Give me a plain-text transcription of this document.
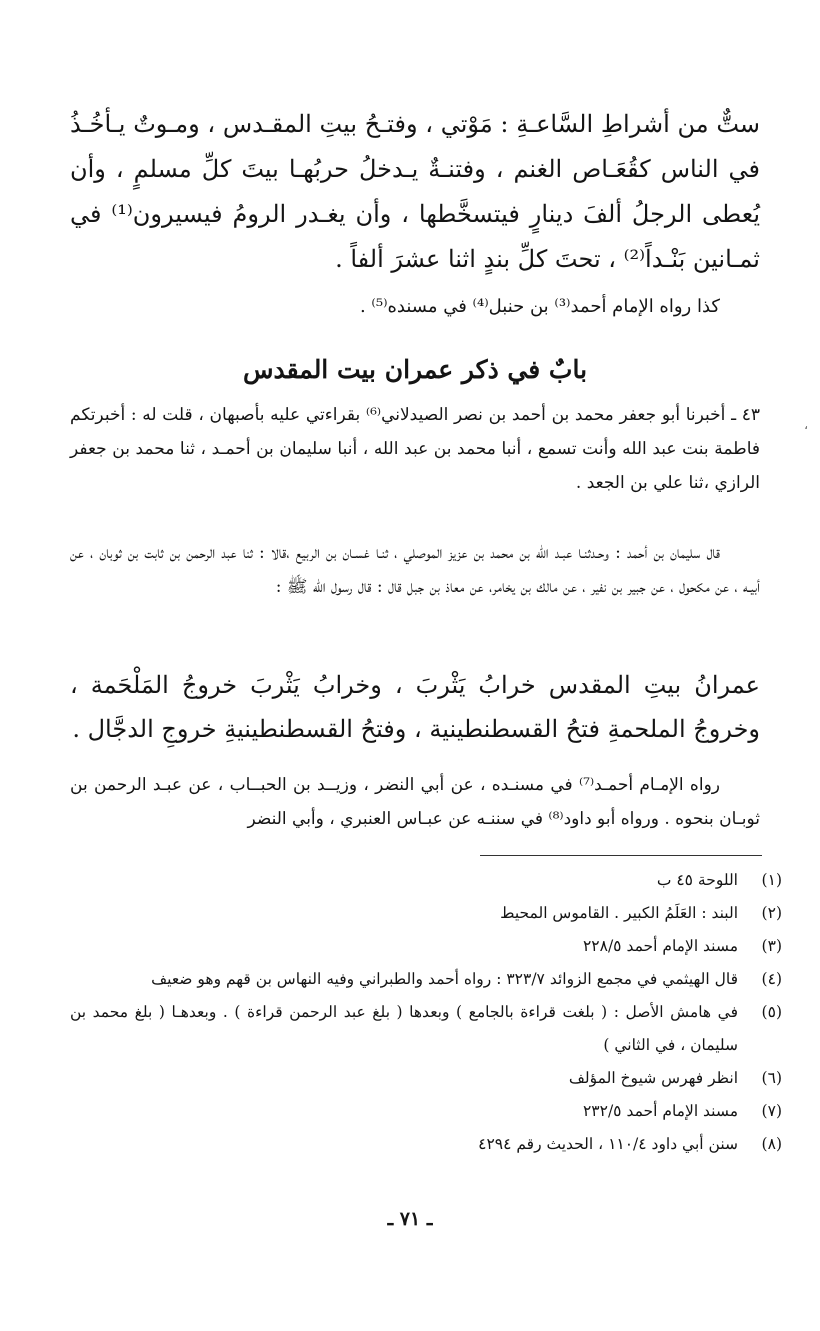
ستٌّ من أشراطِ السَّاعـةِ : مَوْتي ، وفتـحُ بيتِ المقـدس ، ومـوتٌ يـأخُـذُ في الناس كقُعَـاص الغنم ، وفتنـةٌ يـدخلُ حربُهـا بيتَ كلِّ مسلمٍ ، وأن يُعطى الرجلُ ألفَ دينارٍ فيتسخَّطها ، وأن يغـدر الرومُ فيسيرون⁽¹⁾ في ثمـانين بَنْـداً⁽²⁾ ، تحتَ كلِّ بندٍ اثنا عشرَ ألفاً .

كذا رواه الإمام أحمد⁽³⁾ بن حنبل⁽⁴⁾ في مسنده⁽⁵⁾ .
بابٌ في ذكر عمران بيت المقدس
،

٤٣ ـ أخبرنا أبو جعفر محمد بن أحمد بن نصر الصيدلاني⁽⁶⁾ بقراءتي عليه بأصبهان ، قلت له : أخبرتكم فاطمة بنت عبد الله وأنت تسمع ، أنبا محمد بن عبد الله ، أنبا سليمان بن أحمـد ، ثنا محمد بن جعفر الرازي ،ثنا علي بن الجعد .

قال سليمان بن أحمد : وحـدثنـا عبـد الله بن محمد بن عزيز الموصلي ، ثنـا غسـان بن الربيع ،قالا : ثنا عبد الرحمن بن ثابت بن ثوبان ، عن أبيـه ، عن مكحول ، عن جبير بن نفير ، عن مالك بن يخامر، عن معاذ بن جبل قال : قال رسول الله ﷺ :

عمرانُ بيتِ المقدس خرابُ يَثْربَ ، وخرابُ يَثْربَ خروجُ المَلْحَمة ، وخروجُ الملحمةِ فتحُ القسطنطينية ، وفتحُ القسطنطينيةِ خروجِ الدجَّال .

رواه الإمـام أحمـد⁽⁷⁾ في مسنـده ، عن أبي النضر ، وزيــد بن الحبــاب ، عن عبـد الرحمن بن ثوبـان بنحوه . ورواه أبو داود⁽⁸⁾ في سننـه عن عبـاس العنبري ، وأبي النضر

(١)
اللوحة ٤٥ ب
(٢)
البند : العَلَمُ الكبير . القاموس المحيط
(٣)
مسند الإمام أحمد ٢٢٨/٥
(٤)
قال الهيثمي في مجمع الزوائد ٣٢٣/٧ : رواه أحمد والطبراني وفيه النهاس بن قهم وهو ضعيف
(٥)
في هامش الأصل : ( بلغت قراءة بالجامع ) وبعدها ( بلغ عبد الرحمن قراءة ) . وبعدهـا ( بلغ محمد بن سليمان ، في الثاني )
(٦)
انظر فهرس شيوخ المؤلف
(٧)
مسند الإمام أحمد ٢٣٢/٥
(٨)
سنن أبي داود ١١٠/٤ ، الحديث رقم ٤٢٩٤
ـ ٧١ ـ
